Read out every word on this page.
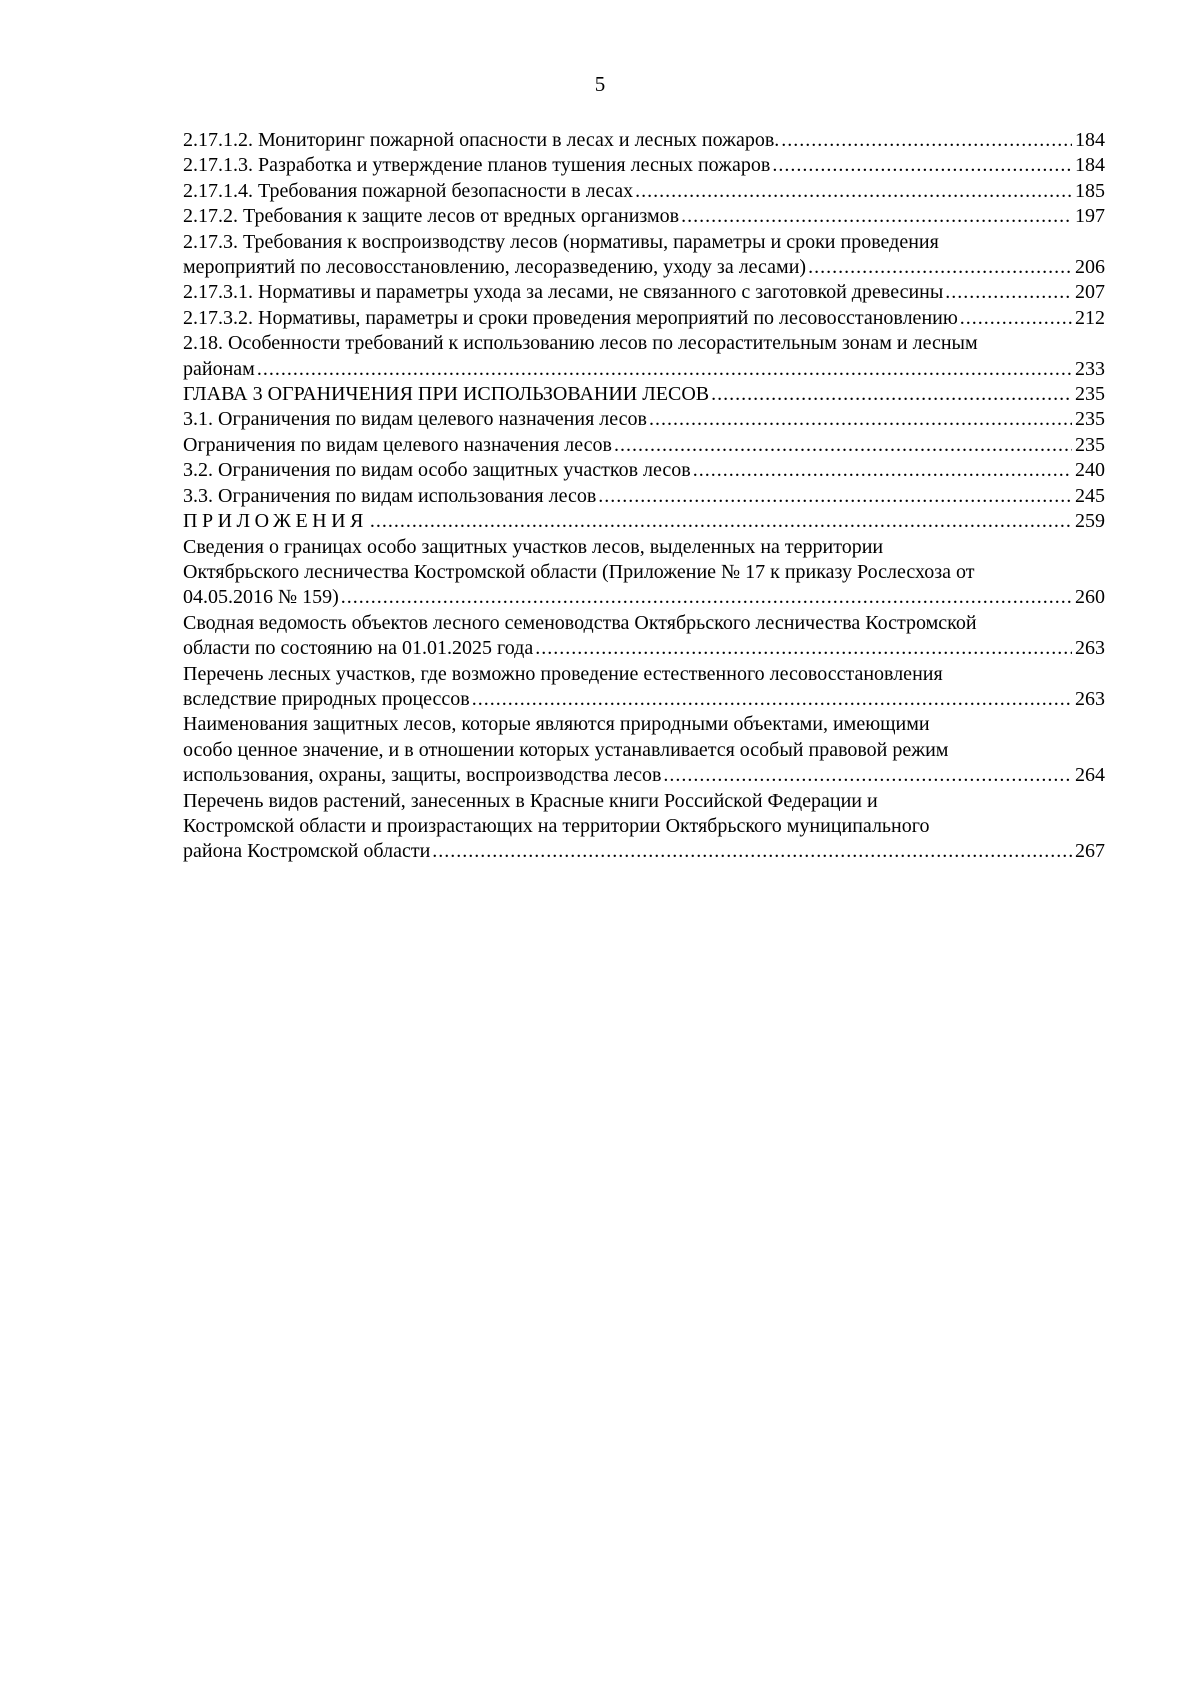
5
2.17.1.2. Мониторинг пожарной опасности в лесах и лесных пожаров. .....	184
2.17.1.3. Разработка и утверждение планов тушения лесных пожаров .....	184
2.17.1.4. Требования пожарной безопасности в лесах .....	185
2.17.2. Требования к защите лесов от вредных организмов .....	197
2.17.3. Требования к воспроизводству лесов (нормативы, параметры и сроки проведения
мероприятий по лесовосстановлению, лесоразведению, уходу за лесами) .....	206
2.17.3.1. Нормативы и параметры ухода за лесами, не связанного с заготовкой древесины .....	207
2.17.3.2. Нормативы, параметры и сроки проведения мероприятий по лесовосстановлению .....	212
2.18. Особенности требований к использованию лесов по лесорастительным зонам и лесным
районам .....	233
ГЛАВА 3 ОГРАНИЧЕНИЯ ПРИ ИСПОЛЬЗОВАНИИ ЛЕСОВ .....	235
3.1. Ограничения по видам целевого назначения лесов .....	235
Ограничения по видам целевого назначения лесов .....	235
3.2. Ограничения по видам особо защитных участков лесов .....	240
3.3. Ограничения по видам использования лесов .....	245
ПРИЛОЖЕНИЯ .....	259
Сведения о границах особо защитных участков лесов, выделенных на территории
Октябрьского лесничества Костромской области (Приложение № 17 к приказу Рослесхоза от
04.05.2016 № 159) .....	260
Сводная ведомость объектов лесного семеноводства Октябрьского лесничества Костромской
области по состоянию на 01.01.2025 года .....	263
Перечень лесных участков, где возможно проведение естественного лесовосстановления
вследствие природных процессов .....	263
Наименования защитных лесов, которые являются природными объектами, имеющими
особо ценное значение, и в отношении которых устанавливается особый правовой режим
использования, охраны, защиты, воспроизводства лесов .....	264
Перечень видов растений, занесенных в Красные книги Российской Федерации и
Костромской области и произрастающих на территории Октябрьского муниципального
района Костромской области .....	267
